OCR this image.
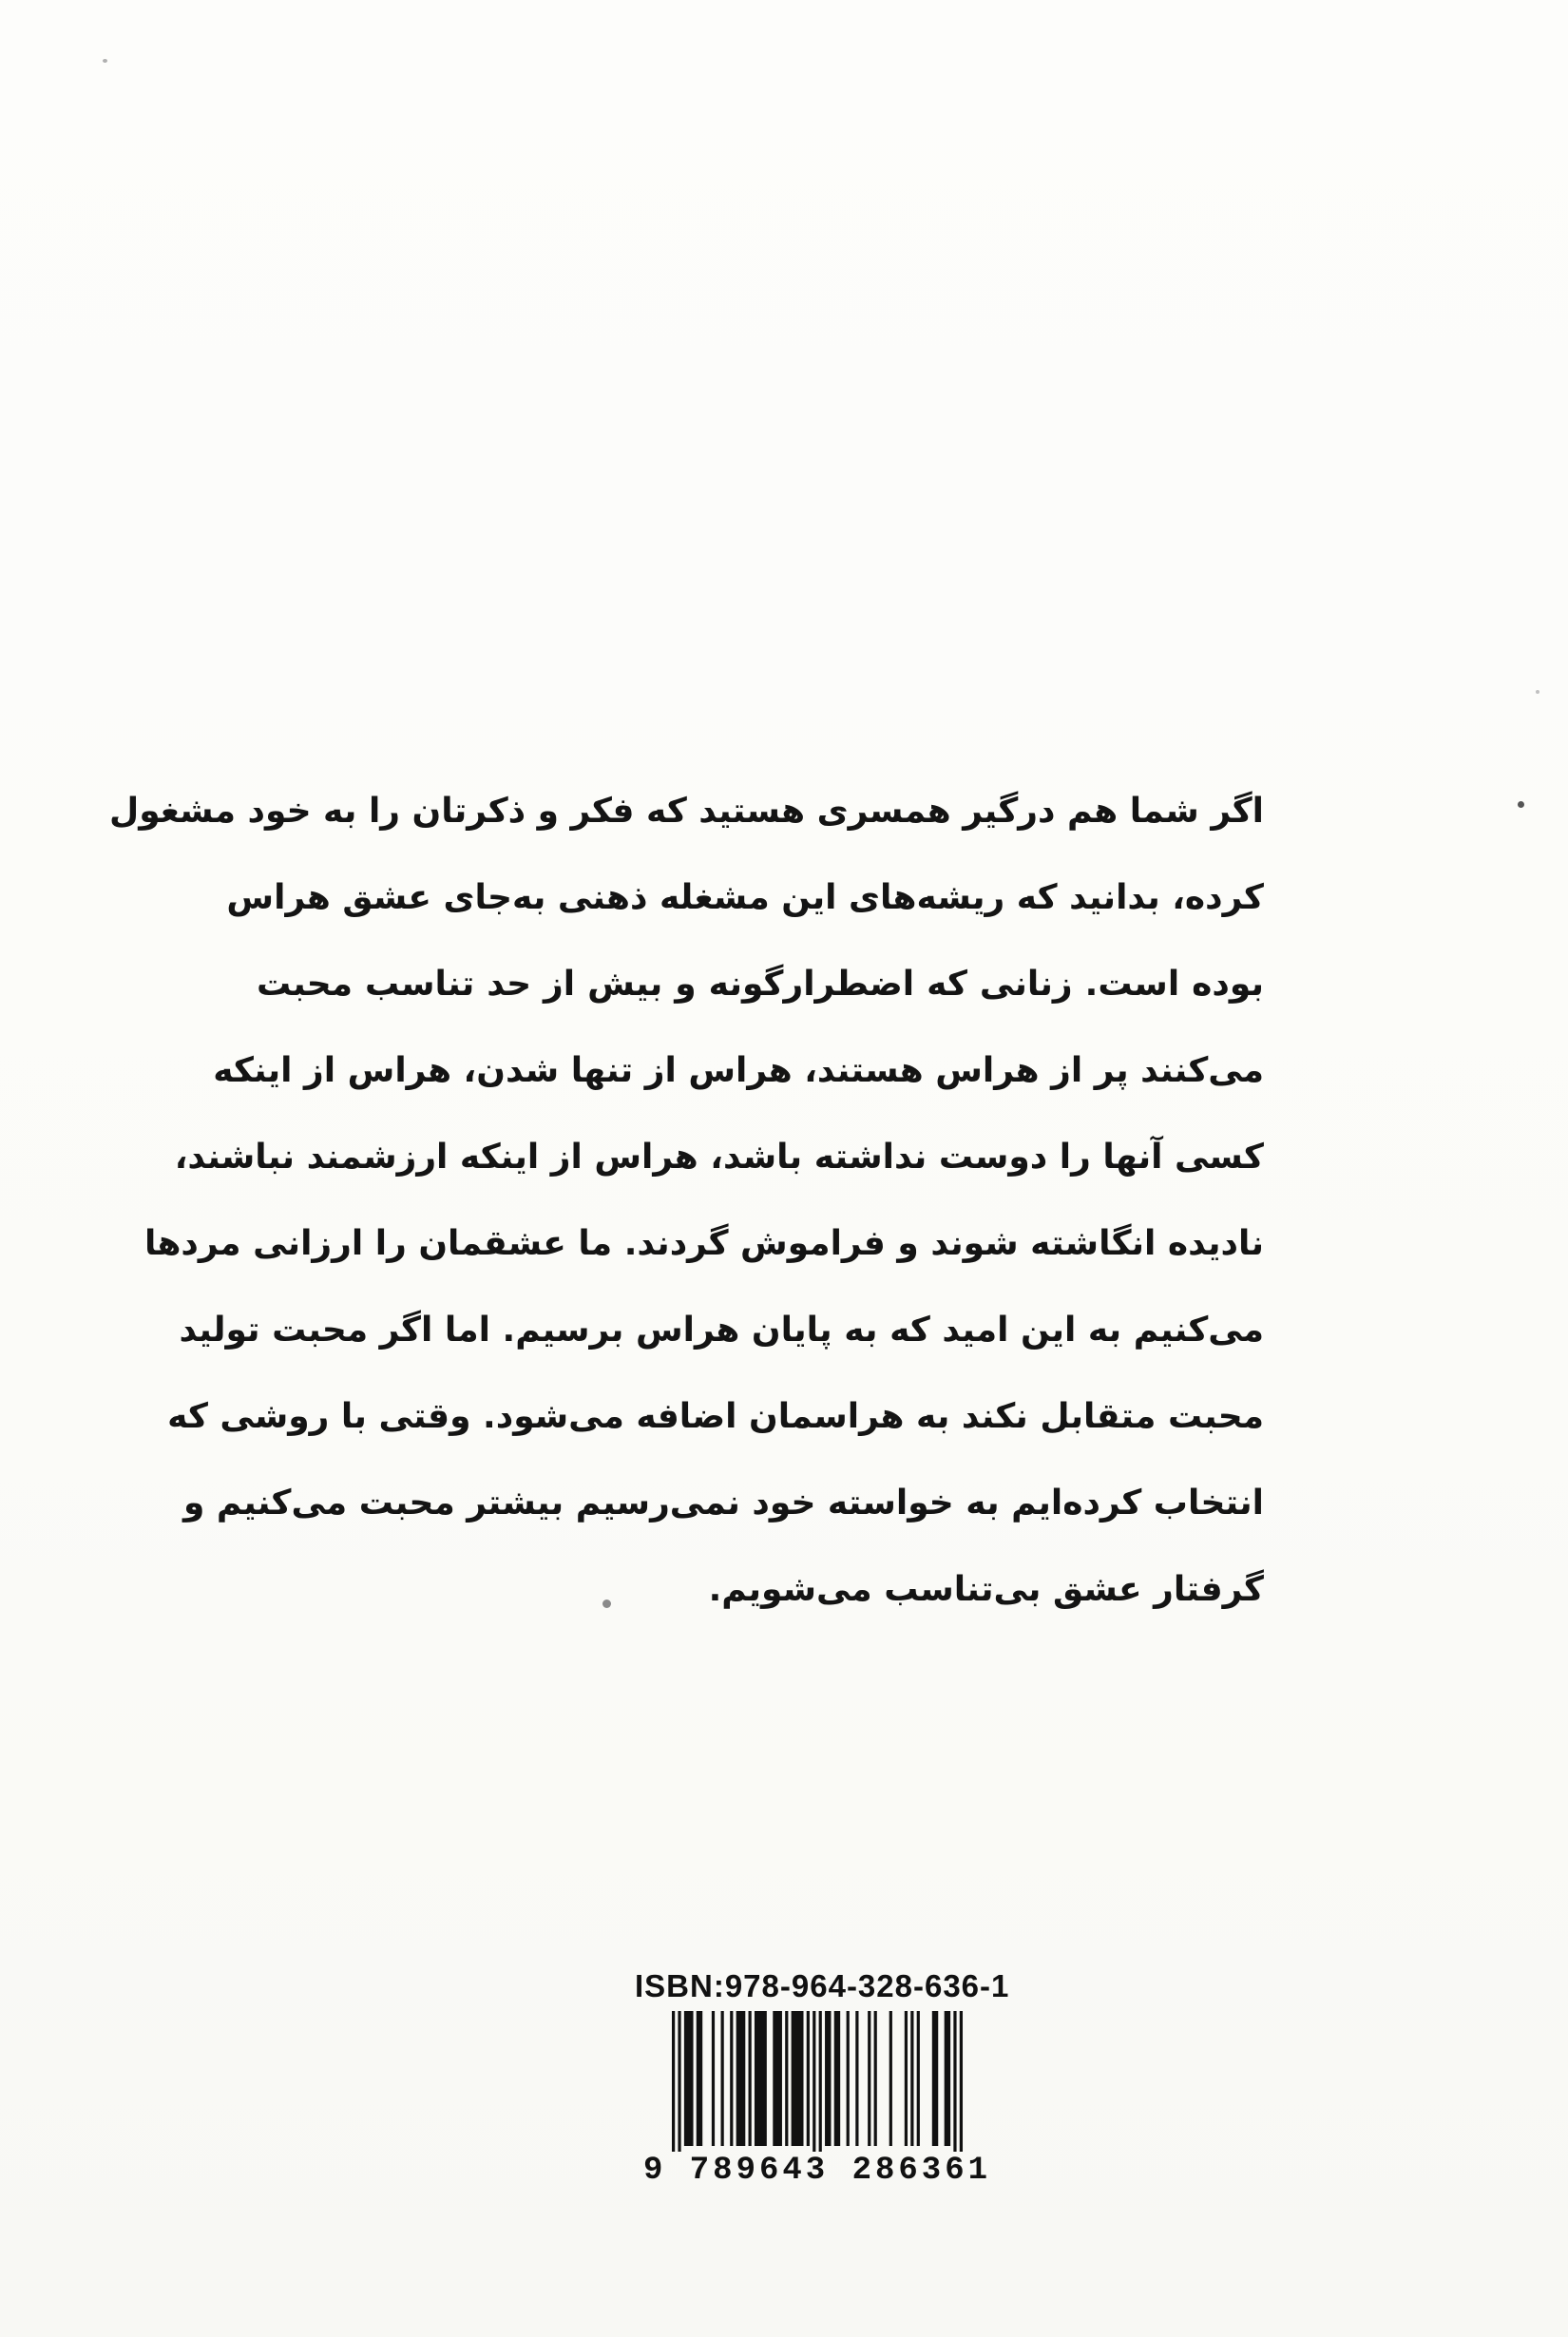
اگر شما هم درگیر همسری هستید که فکر و ذکرتان را به خود مشغول
کرده، بدانید که ریشه‌های این مشغله ذهنی به‌جای عشق هراس
بوده است. زنانی که اضطرارگونه و بیش از حد تناسب محبت
می‌کنند پر از هراس هستند، هراس از تنها شدن، هراس از اینکه
کسی آنها را دوست نداشته باشد، هراس از اینکه ارزشمند نباشند،
نادیده انگاشته شوند و فراموش گردند. ما عشقمان را ارزانی مردها
می‌کنیم به این امید که به پایان هراس برسیم. اما اگر محبت تولید
محبت متقابل نکند به هراسمان اضافه می‌شود. وقتی با روشی که
انتخاب کرده‌ایم به خواسته خود نمی‌رسیم بیشتر محبت می‌کنیم و
گرفتار عشق بی‌تناسب می‌شویم.
ISBN:978-964-328-636-1
9 789643 286361
